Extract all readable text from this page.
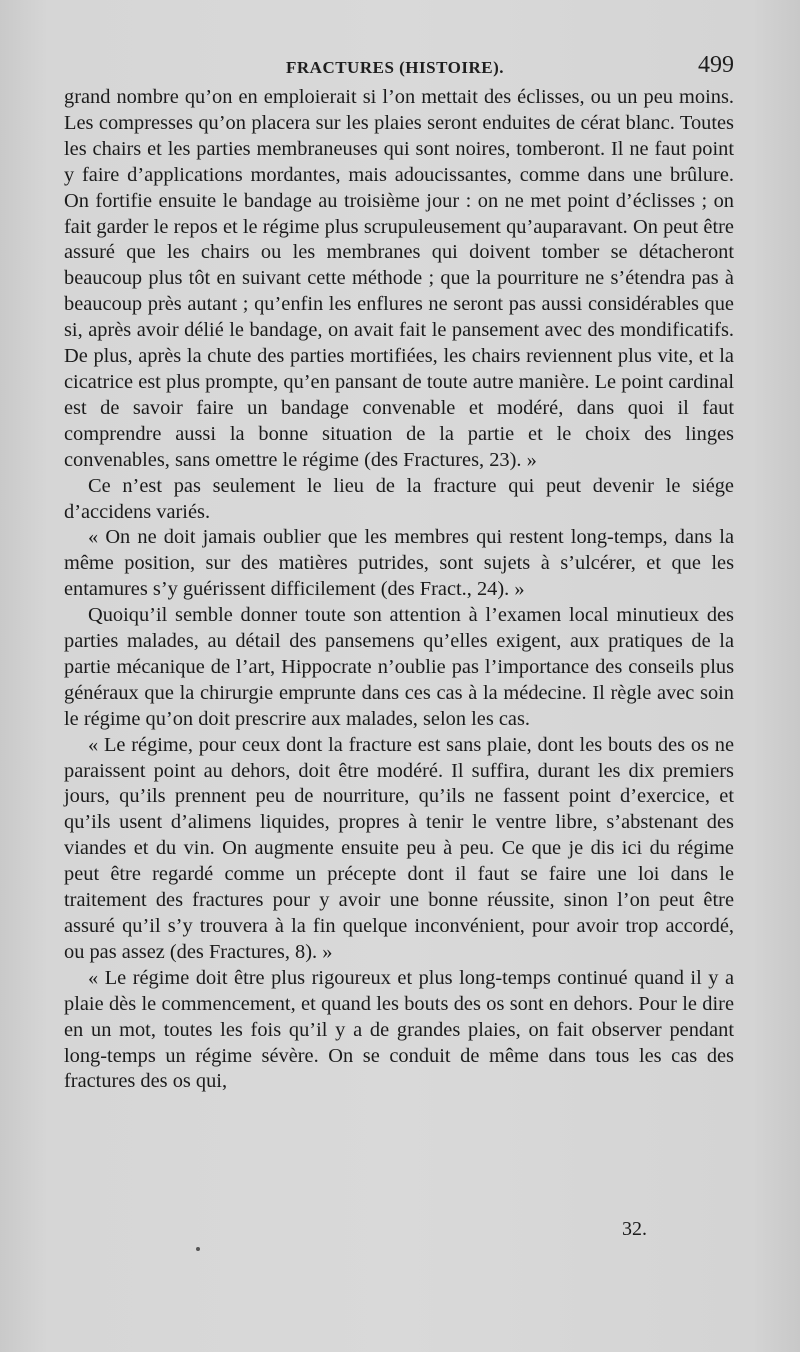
FRACTURES (HISTOIRE).	499

grand nombre qu’on en emploierait si l’on mettait des éclisses, ou un peu moins. Les compresses qu’on placera sur les plaies seront enduites de cérat blanc. Toutes les chairs et les parties membraneuses qui sont noires, tomberont. Il ne faut point y faire d’applications mordantes, mais adoucissantes, comme dans une brûlure. On fortifie ensuite le bandage au troisième jour : on ne met point d’éclisses ; on fait garder le repos et le régime plus scrupuleusement qu’auparavant. On peut être assuré que les chairs ou les membranes qui doivent tomber se détacheront beaucoup plus tôt en suivant cette méthode ; que la pourriture ne s’étendra pas à beaucoup près autant ; qu’enfin les enflures ne seront pas aussi considérables que si, après avoir délié le bandage, on avait fait le pansement avec des mondificatifs. De plus, après la chute des parties mortifiées, les chairs reviennent plus vite, et la cicatrice est plus prompte, qu’en pansant de toute autre manière. Le point cardinal est de savoir faire un bandage convenable et modéré, dans quoi il faut comprendre aussi la bonne situation de la partie et le choix des linges convenables, sans omettre le régime (des Fractures, 23). »

Ce n’est pas seulement le lieu de la fracture qui peut devenir le siége d’accidens variés.

« On ne doit jamais oublier que les membres qui restent long-temps, dans la même position, sur des matières putrides, sont sujets à s’ulcérer, et que les entamures s’y guérissent difficilement (des Fract., 24). »

Quoiqu’il semble donner toute son attention à l’examen local minutieux des parties malades, au détail des pansemens qu’elles exigent, aux pratiques de la partie mécanique de l’art, Hippocrate n’oublie pas l’importance des conseils plus généraux que la chirurgie emprunte dans ces cas à la médecine. Il règle avec soin le régime qu’on doit prescrire aux malades, selon les cas.

« Le régime, pour ceux dont la fracture est sans plaie, dont les bouts des os ne paraissent point au dehors, doit être modéré. Il suffira, durant les dix premiers jours, qu’ils prennent peu de nourriture, qu’ils ne fassent point d’exercice, et qu’ils usent d’alimens liquides, propres à tenir le ventre libre, s’abstenant des viandes et du vin. On augmente ensuite peu à peu. Ce que je dis ici du régime peut être regardé comme un précepte dont il faut se faire une loi dans le traitement des fractures pour y avoir une bonne réussite, sinon l’on peut être assuré qu’il s’y trouvera à la fin quelque inconvénient, pour avoir trop accordé, ou pas assez (des Fractures, 8). »

« Le régime doit être plus rigoureux et plus long-temps continué quand il y a plaie dès le commencement, et quand les bouts des os sont en dehors. Pour le dire en un mot, toutes les fois qu’il y a de grandes plaies, on fait observer pendant long-temps un régime sévère. On se conduit de même dans tous les cas des fractures des os qui,

32.
